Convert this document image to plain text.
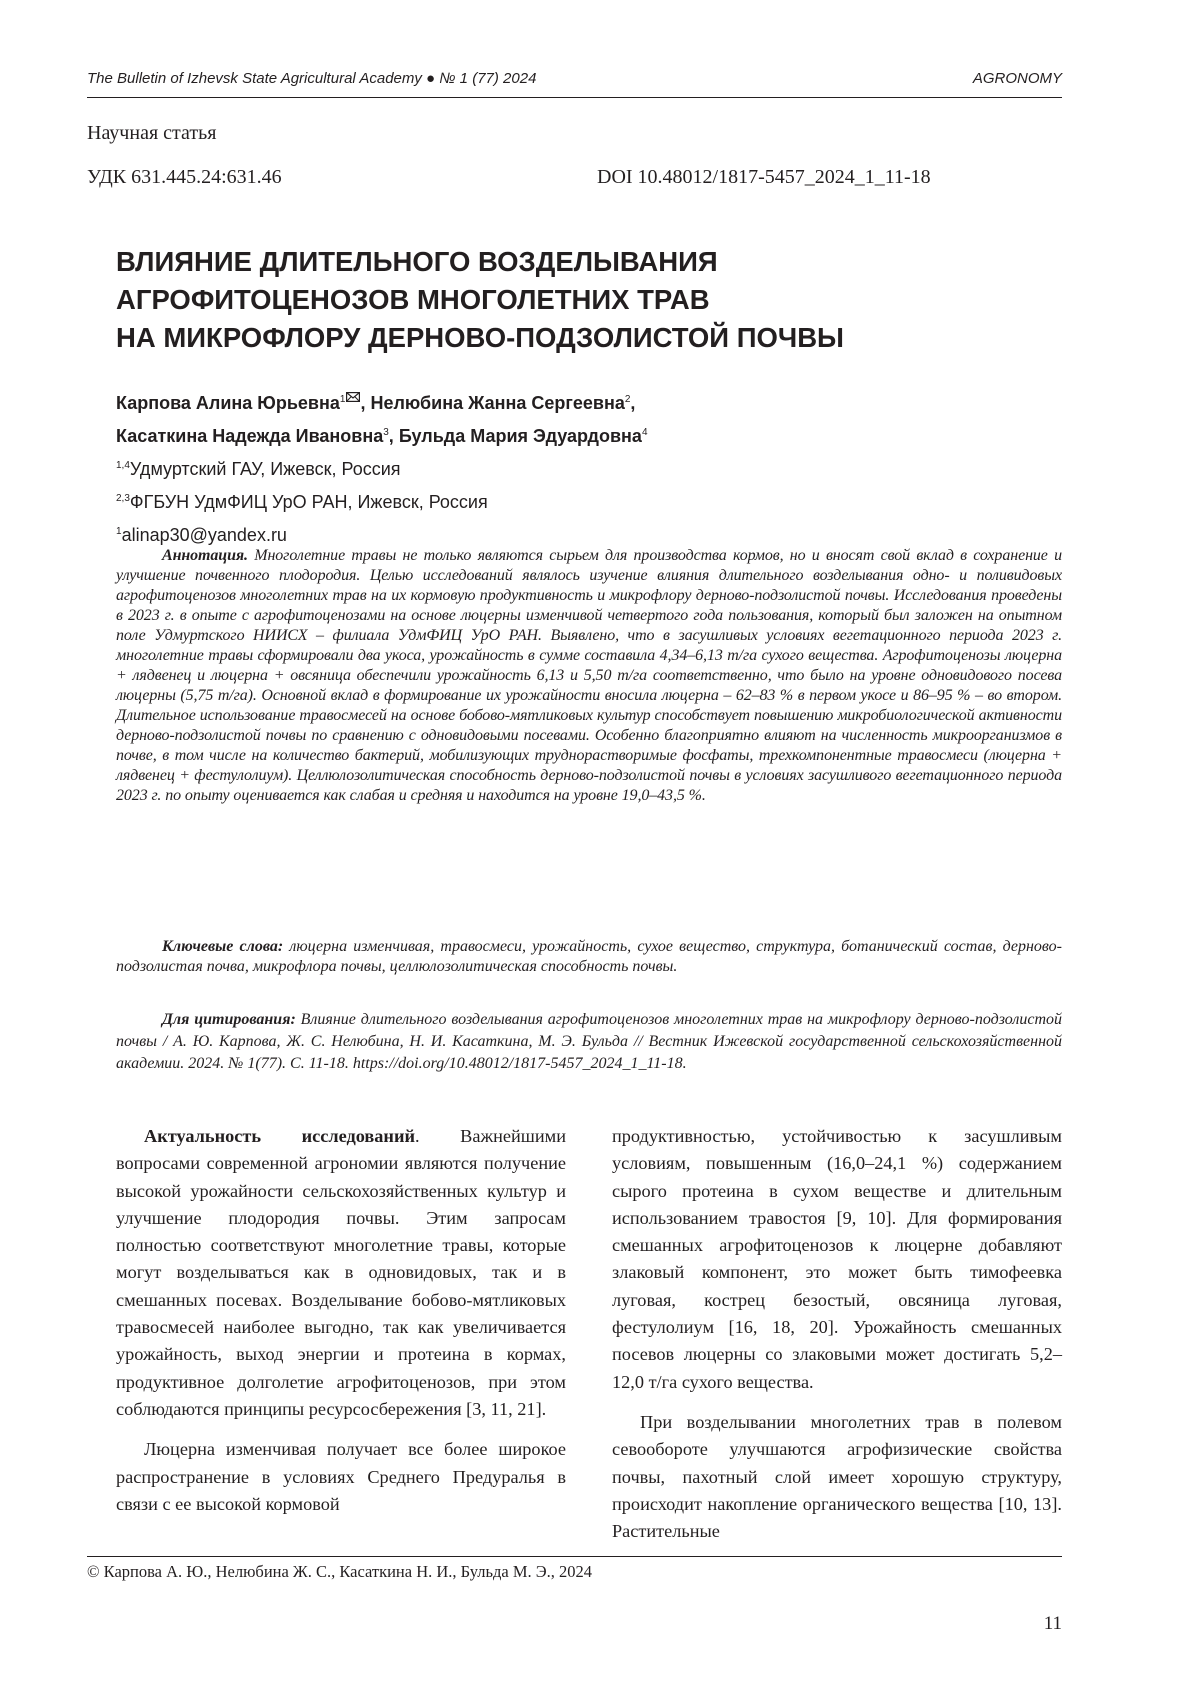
The Bulletin of Izhevsk State Agricultural Academy ● № 1 (77) 2024	AGRONOMY
Научная статья
УДК 631.445.24:631.46	DOI 10.48012/1817-5457_2024_1_11-18
ВЛИЯНИЕ ДЛИТЕЛЬНОГО ВОЗДЕЛЫВАНИЯ
АГРОФИТОЦЕНОЗОВ МНОГОЛЕТНИХ ТРАВ
НА МИКРОФЛОРУ ДЕРНОВО-ПОДЗОЛИСТОЙ ПОЧВЫ
Карпова Алина Юрьевна$^1$ , Нелюбина Жанна Сергеевна$^2$,
Касаткина Надежда Ивановна$^3$, Бульда Мария Эдуардовна$^4$
$^{1,4}$Удмуртский ГАУ, Ижевск, Россия
$^{2,3}$ФГБУН УдмФИЦ УрО РАН, Ижевск, Россия
$^1$alinap30@yandex.ru

Аннотация. Многолетние травы не только являются сырьем для производства кормов, но и вносят свой вклад в сохранение и улучшение почвенного плодородия. Целью исследований являлось изучение влияния длительного возделывания одно- и поливидовых агрофитоценозов многолетних трав на их кормовую продуктивность и микрофлору дерново-подзолистой почвы. Исследования проведены в 2023 г. в опыте с агрофитоценозами на основе люцерны изменчивой четвертого года пользования, который был заложен на опытном поле Удмуртского НИИСХ – филиала УдмФИЦ УрО РАН. Выявлено, что в засушливых условиях вегетационного периода 2023 г. многолетние травы сформировали два укоса, урожайность в сумме составила 4,34–6,13 т/га сухого вещества. Агрофитоценозы люцерна + лядвенец и люцерна + овсяница обеспечили урожайность 6,13 и 5,50 т/га соответственно, что было на уровне одновидового посева люцерны (5,75 т/га). Основной вклад в формирование их урожайности вносила люцерна – 62–83 % в первом укосе и 86–95 % – во втором. Длительное использование травосмесей на основе бобово-мятликовых культур способствует повышению микробиологической активности дерново-подзолистой почвы по сравнению с одновидовыми посевами. Особенно благоприятно влияют на численность микроорганизмов в почве, в том числе на количество бактерий, мобилизующих труднорастворимые фосфаты, трехкомпонентные травосмеси (люцерна + лядвенец + фестулолиум). Целлюлозолитическая способность дерново-подзолистой почвы в условиях засушливого вегетационного периода 2023 г. по опыту оценивается как слабая и средняя и находится на уровне 19,0–43,5 %.

Ключевые слова: люцерна изменчивая, травосмеси, урожайность, сухое вещество, структура, ботанический состав, дерново-подзолистая почва, микрофлора почвы, целлюлозолитическая способность почвы.

Для цитирования: Влияние длительного возделывания агрофитоценозов многолетних трав на микрофлору дерново-подзолистой почвы / А. Ю. Карпова, Ж. С. Нелюбина, Н. И. Касаткина, М. Э. Бульда // Вестник Ижевской государственной сельскохозяйственной академии. 2024. № 1(77). С. 11-18. https://doi.org/10.48012/1817-5457_2024_1_11-18.

Актуальность исследований. Важнейшими вопросами современной агрономии являются получение высокой урожайности сельскохозяйственных культур и улучшение плодородия почвы. Этим запросам полностью соответствуют многолетние травы, которые могут возделываться как в одновидовых, так и в смешанных посевах. Возделывание бобово-мятликовых травосмесей наиболее выгодно, так как увеличивается урожайность, выход энергии и протеина в кормах, продуктивное долголетие агрофитоценозов, при этом соблюдаются принципы ресурсосбережения [3, 11, 21].

Люцерна изменчивая получает все более широкое распространение в условиях Среднего Предуралья в связи с ее высокой кормовой

продуктивностью, устойчивостью к засушливым условиям, повышенным (16,0–24,1 %) содержанием сырого протеина в сухом веществе и длительным использованием травостоя [9, 10]. Для формирования смешанных агрофитоценозов к люцерне добавляют злаковый компонент, это может быть тимофеевка луговая, кострец безостый, овсяница луговая, фестулолиум [16, 18, 20]. Урожайность смешанных посевов люцерны со злаковыми может достигать 5,2–12,0 т/га сухого вещества.

При возделывании многолетних трав в полевом севообороте улучшаются агрофизические свойства почвы, пахотный слой имеет хорошую структуру, происходит накопление органического вещества [10, 13]. Растительные

© Карпова А. Ю., Нелюбина Ж. С., Касаткина Н. И., Бульда М. Э., 2024
11
